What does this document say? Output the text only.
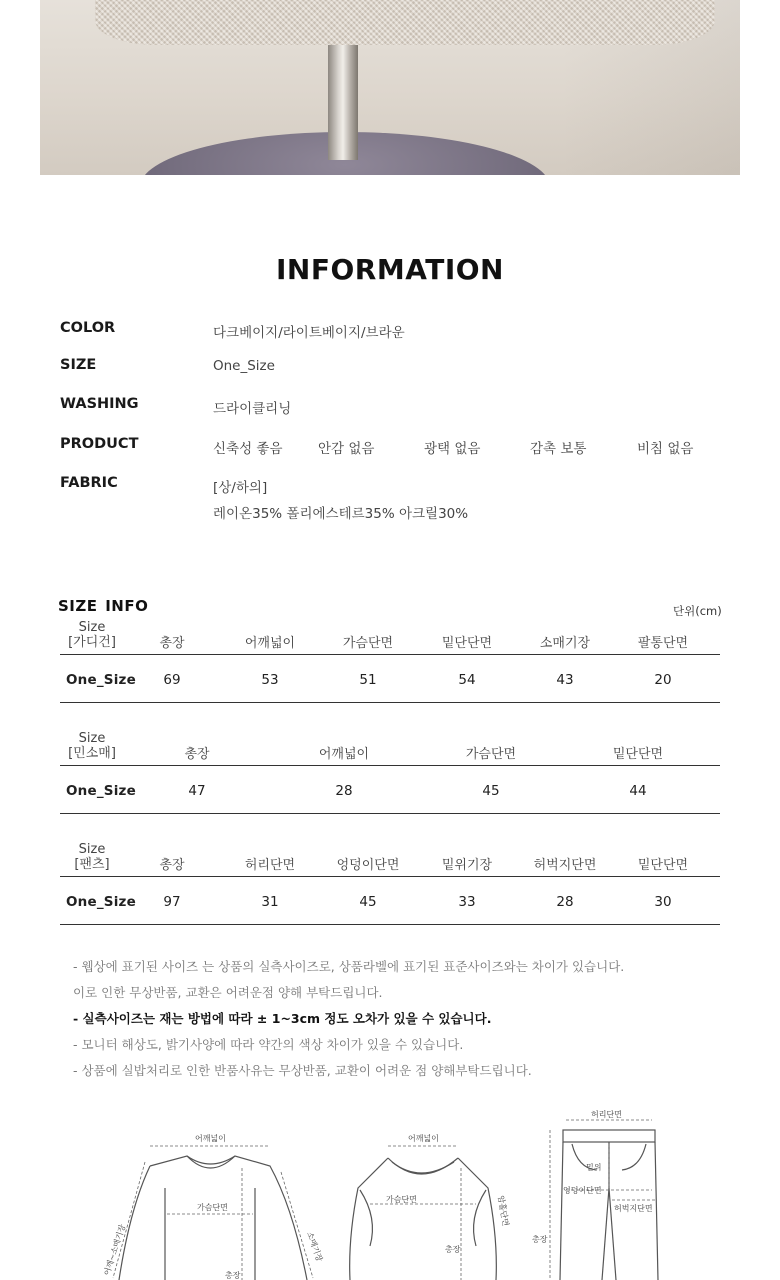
INFORMATION
COLOR	다크베이지/라이트베이지/브라운
SIZE	One_Size
WASHING	드라이클리닝
PRODUCT	신축성 좋음	안감 없음	광택 없음	감촉 보통	비침 없음
FABRIC	[상/하의]
레이온35% 폴리에스테르35% 아크릴30%
SIZE INFO	단위(cm)
Size
[가디건]	총장	어깨넓이	가슴단면	밑단단면	소매기장	팔통단면
One_Size	69	53	51	54	43	20
Size
[민소매]	총장	어깨넓이	가슴단면	밑단단면
One_Size	47	28	45	44
Size
[팬츠]	총장	허리단면	엉덩이단면	밑위기장	허벅지단면	밑단단면
One_Size	97	31	45	33	28	30
- 웹상에 표기된 사이즈 는 상품의 실측사이즈로, 상품라벨에 표기된 표준사이즈와는 차이가 있습니다.
이로 인한 무상반품, 교환은 어려운점 양해 부탁드립니다.
- 실측사이즈는 재는 방법에 따라 ± 1~3cm 정도 오차가 있을 수 있습니다.
- 모니터 해상도, 밝기사양에 따라 약간의 색상 차이가 있을 수 있습니다.
- 상품에 실밥처리로 인한 반품사유는 무상반품, 교환이 어려운 점 양해부탁드립니다.
어깨넓이
가슴단면
총장
소매기장
어깨~소매기장
어깨넓이
가슴단면
총장
암홀단면
허리단면
밑위
엉덩이단면
허벅지단면
총장
